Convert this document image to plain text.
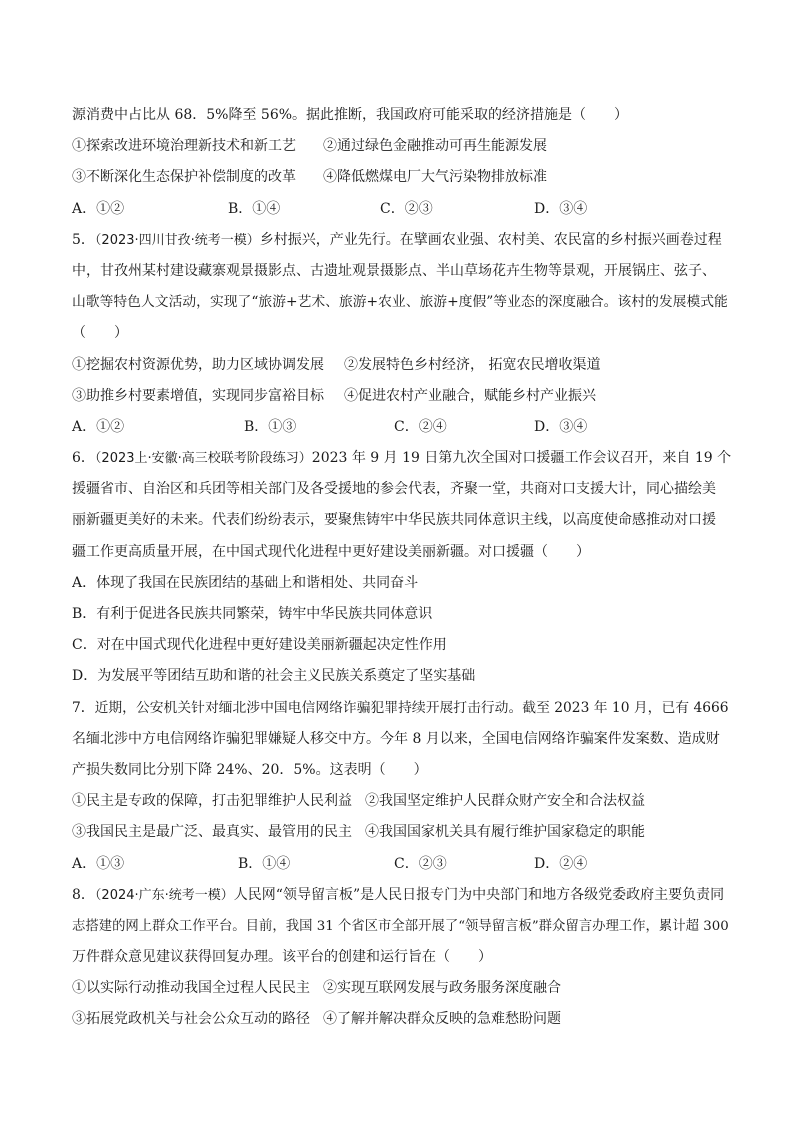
源消费中占比从 68．5%降至 56%。据此推断，我国政府可能采取的经济措施是（　　）
①探索改进环境治理新技术和新工艺 ②通过绿色金融推动可再生能源发展
③不断深化生态保护补偿制度的改革 ④降低燃煤电厂大气污染物排放标准
A．①②	B．①④	C．②③	D．③④
5．（2023·四川甘孜·统考一模）乡村振兴，产业先行。在擘画农业强、农村美、农民富的乡村振兴画卷过程
中，甘孜州某村建设藏寨观景摄影点、古遗址观景摄影点、半山草场花卉生物等景观，开展锅庄、弦子、
山歌等特色人文活动，实现了“旅游+艺术、旅游+农业、旅游+度假”等业态的深度融合。该村的发展模式能
（　　）
①挖掘农村资源优势，助力区域协调发展 ②发展特色乡村经济， 拓宽农民增收渠道
③助推乡村要素增值，实现同步富裕目标 ④促进农村产业融合，赋能乡村产业振兴
A．①②	B．①③	C．②④	D．③④
6．（2023上·安徽·高三校联考阶段练习）2023 年 9 月 19 日第九次全国对口援疆工作会议召开，来自 19 个
援疆省市、自治区和兵团等相关部门及各受援地的参会代表，齐聚一堂，共商对口支援大计，同心描绘美
丽新疆更美好的未来。代表们纷纷表示，要聚焦铸牢中华民族共同体意识主线，以高度使命感推动对口援
疆工作更高质量开展，在中国式现代化进程中更好建设美丽新疆。对口援疆（　　）
A．体现了我国在民族团结的基础上和谐相处、共同奋斗
B．有利于促进各民族共同繁荣，铸牢中华民族共同体意识
C．对在中国式现代化进程中更好建设美丽新疆起决定性作用
D．为发展平等团结互助和谐的社会主义民族关系奠定了坚实基础
7．近期，公安机关针对缅北涉中国电信网络诈骗犯罪持续开展打击行动。截至 2023 年 10 月，已有 4666
名缅北涉中方电信网络诈骗犯罪嫌疑人移交中方。今年 8 月以来，全国电信网络诈骗案件发案数、造成财
产损失数同比分别下降 24%、20．5%。这表明（　　）
①民主是专政的保障，打击犯罪维护人民利益 ②我国坚定维护人民群众财产安全和合法权益
③我国民主是最广泛、最真实、最管用的民主 ④我国国家机关具有履行维护国家稳定的职能
A．①③	B．①④	C．②③	D．②④
8．（2024·广东·统考一模）人民网“领导留言板”是人民日报专门为中央部门和地方各级党委政府主要负责同
志搭建的网上群众工作平台。目前，我国 31 个省区市全部开展了“领导留言板”群众留言办理工作，累计超 300
万件群众意见建议获得回复办理。该平台的创建和运行旨在（　　）
①以实际行动推动我国全过程人民民主 ②实现互联网发展与政务服务深度融合
③拓展党政机关与社会公众互动的路径 ④了解并解决群众反映的急难愁盼问题
